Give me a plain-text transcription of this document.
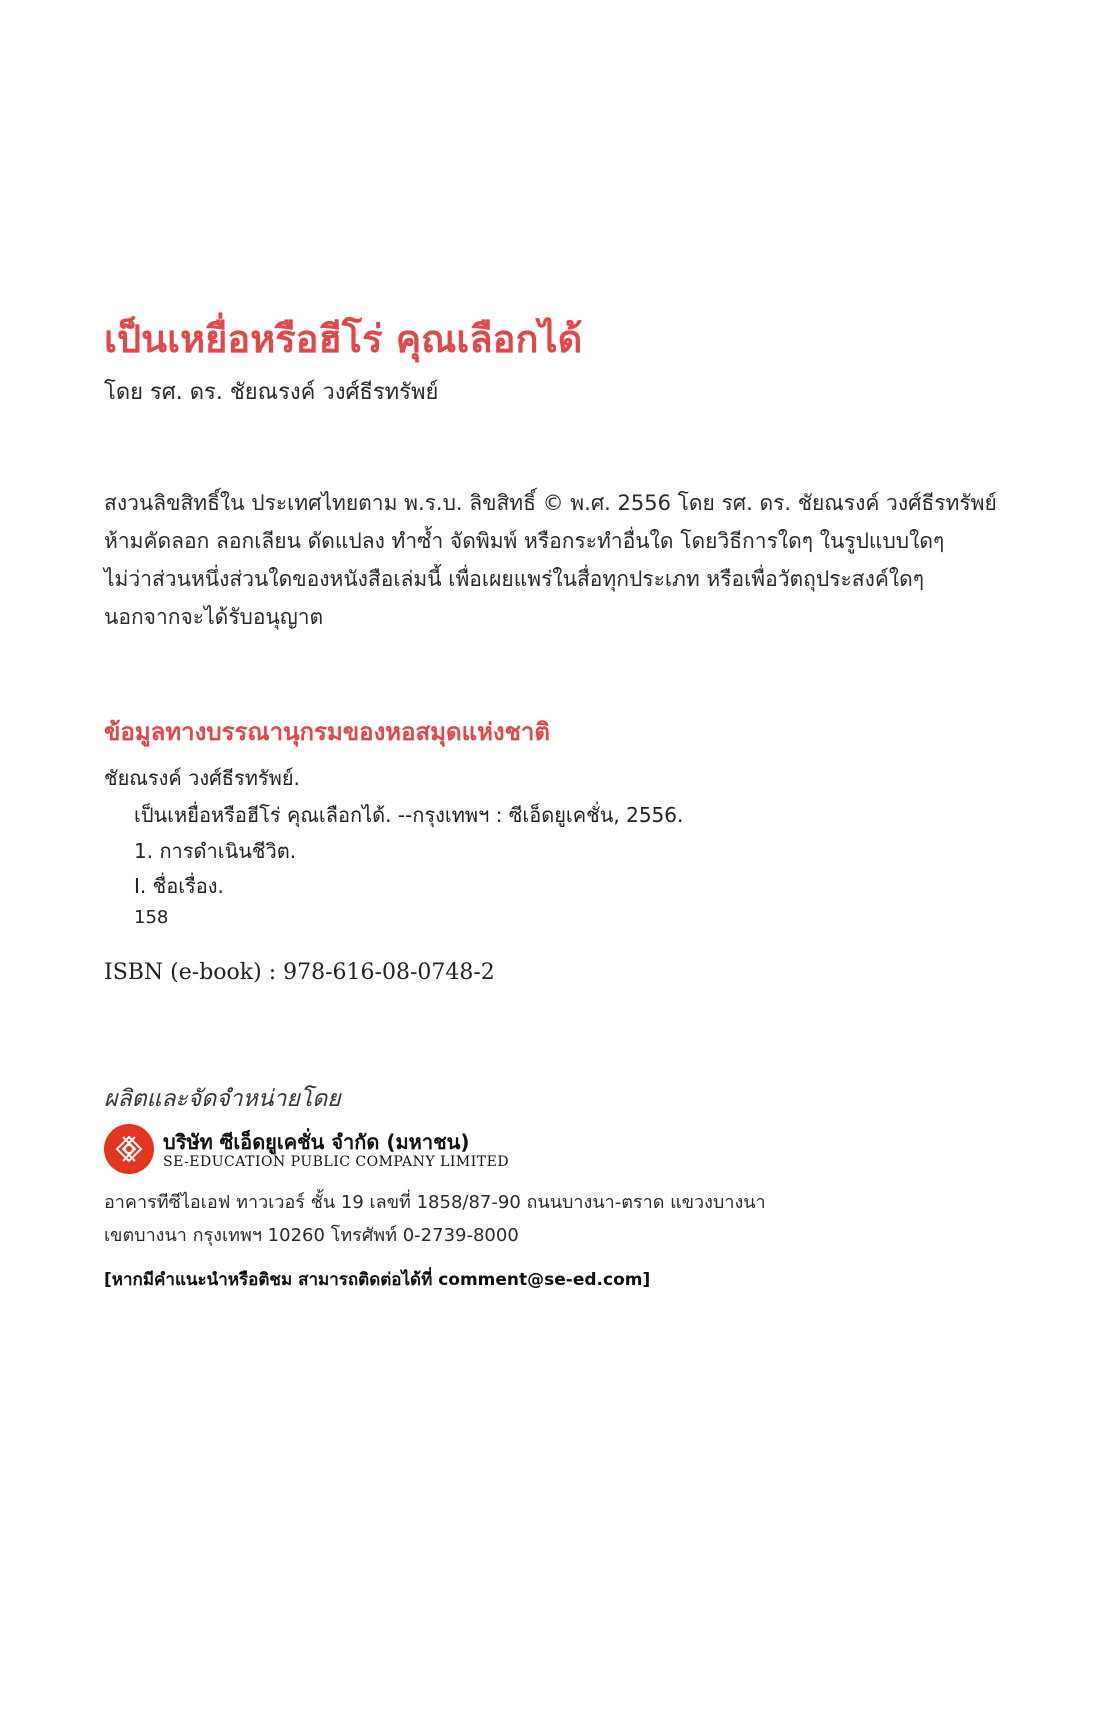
เป็นเหยื่อหรือฮีโร่ คุณเลือกได้
โดย รศ. ดร. ชัยณรงค์ วงศ์ธีรทรัพย์
สงวนลิขสิทธิ์ใน ประเทศไทยตาม พ.ร.บ. ลิขสิทธิ์ © พ.ศ. 2556 โดย รศ. ดร. ชัยณรงค์ วงศ์ธีรทรัพย์
ห้ามคัดลอก ลอกเลียน ดัดแปลง ทำซ้ำ จัดพิมพ์ หรือกระทำอื่นใด โดยวิธีการใดๆ ในรูปแบบใดๆ
ไม่ว่าส่วนหนึ่งส่วนใดของหนังสือเล่มนี้ เพื่อเผยแพร่ในสื่อทุกประเภท หรือเพื่อวัตถุประสงค์ใดๆ
นอกจากจะได้รับอนุญาต
ข้อมูลทางบรรณานุกรมของหอสมุดแห่งชาติ
ชัยณรงค์ วงศ์ธีรทรัพย์.
เป็นเหยื่อหรือฮีโร่ คุณเลือกได้. --กรุงเทพฯ : ซีเอ็ดยูเคชั่น, 2556.
1. การดำเนินชีวิต.
I. ชื่อเรื่อง.
158
ISBN (e-book) : 978-616-08-0748-2
ผลิตและจัดจำหน่ายโดย
บริษัท ซีเอ็ดยูเคชั่น จำกัด (มหาชน)
SE-EDUCATION PUBLIC COMPANY LIMITED
อาคารทีซีไอเอฟ ทาวเวอร์ ชั้น 19 เลขที่ 1858/87-90 ถนนบางนา-ตราด แขวงบางนา
เขตบางนา กรุงเทพฯ 10260 โทรศัพท์ 0-2739-8000
[หากมีคำแนะนำหรือติชม สามารถติดต่อได้ที่ comment@se-ed.com]
